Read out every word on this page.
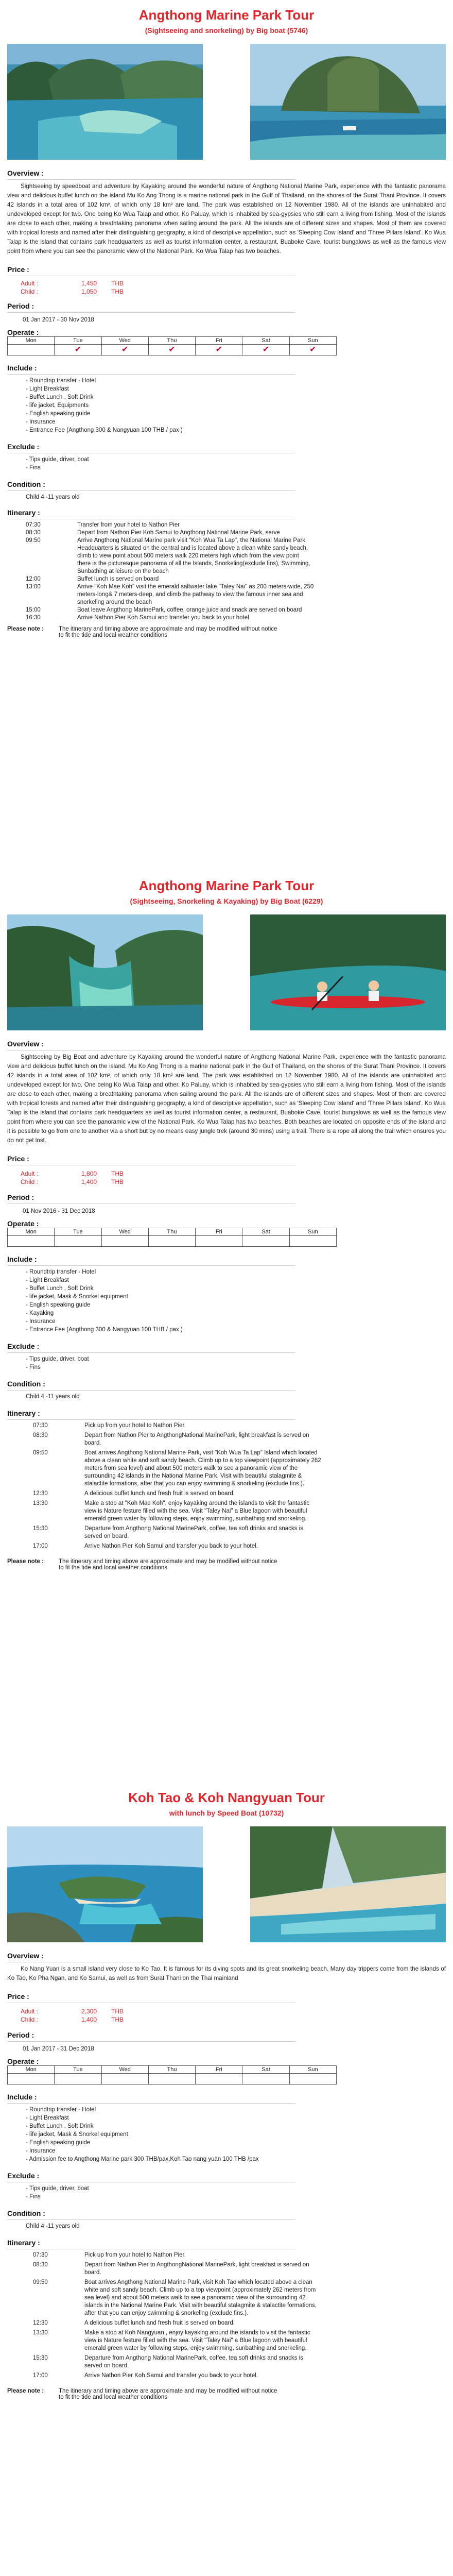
Angthong Marine Park Tour
(Sightseeing and snorkeling) by Big boat (5746)
Overview :

Sightseeing by speedboat and adventure by Kayaking around the wonderful nature of Angthong National Marine Park, experience with the fantastic panorama view and delicious buffet lunch on the island Mu Ko Ang Thong is a marine national park in the Gulf of Thailand, on the shores of the Surat Thani Province. It covers 42 islands in a total area of 102 km², of which only 18 km² are land. The park was established on 12 November 1980. All of the islands are uninhabited and undeveloped except for two. One being Ko Wua Talap and other, Ko Paluay, which is inhabited by sea-gypsies who still earn a living from fishing. Most of the islands are close to each other, making a breathtaking panorama when sailing around the park. All the islands are of different sizes and shapes. Most of them are covered with tropical forests and named after their distinguishing geography, a kind of descriptive appellation, such as 'Sleeping Cow Island' and 'Three Pillars Island'. Ko Wua Talap is the island that contains park headquarters as well as tourist information center, a restaurant, Buaboke Cave, tourist bungalows as well as the famous view point from where you can see the panoramic view of the National Park. Ko Wua Talap has two beaches.

Price :
Adult :	1,450 THB
Child :	1,050 THB
Period :
01 Jan 2017 - 30 Nov 2018
Operate :
Mon	Tue	Wed	Thu	Fri	Sat	Sun
	✔	✔	✔	✔	✔	✔
Include :
- Roundtrip transfer - Hotel
- Light Breakfast
- Buffet Lunch , Soft Drink
- life jacket, Equipments
- English speaking guide
- Insurance
- Entrance Fee (Angthong 300 & Nangyuan 100 THB / pax )
Exclude :
- Tips guide, driver, boat
- Fins
Condition :
Child 4 -11 years old
Itinerary :
07:30	Transfer from your hotel to Nathon Pier
08:30	Depart from Nathon Pier Koh Samui to Angthong National Marine Park, serve
09:50	Arrive Angthong National Marine park visit "Koh Wua Ta Lap", the National Marine Park Headquarters is situated on the central and is located above a clean white sandy beach, climb to view point about 500 meters walk 220 meters high which from the view point there is the picturesque panorama of all the Islands, Snorkeling(exclude fins), Swimming, Sunbathing at leisure on the beach
12:00	Buffet lunch is served on board
13:00	Arrive "Koh Mae Koh" visit the emerald saltwater lake "Taley Nai" as 200 meters-wide, 250 meters-long& 7 meters-deep, and climb the pathway to view the famous inner sea and snorkeling around the beach
15:00	Boat leave Angthong MarinePark, coffee, orange juice and snack are served on board
16:30	Arrive Nathon Pier Koh Samui and transfer you back to your hotel
Please note :	The itinerary and timing above are approximate and may be modified without notice to fit the tide and local weather conditions
Angthong Marine Park Tour
(Sightseeing, Snorkeling & Kayaking) by Big Boat (6229)
Overview :

Sightseeing by Big Boat and adventure by Kayaking around the wonderful nature of Angthong National Marine Park, experience with the fantastic panorama view and delicious buffet lunch on the island. Mu Ko Ang Thong is a marine national park in the Gulf of Thailand, on the shores of the Surat Thani Province. It covers 42 islands in a total area of 102 km², of which only 18 km² are land. The park was established on 12 November 1980. All of the islands are uninhabited and undeveloped except for two. One being Ko Wua Talap and other, Ko Paluay, which is inhabited by sea-gypsies who still earn a living from fishing. Most of the islands are close to each other, making a breathtaking panorama when sailing around the park. All the islands are of different sizes and shapes. Most of them are covered with tropical forests and named after their distinguishing geography, a kind of descriptive appellation, such as 'Sleeping Cow Island' and 'Three Pillars Island'. Ko Wua Talap is the island that contains park headquarters as well as tourist information center, a restaurant, Buaboke Cave, tourist bungalows as well as the famous view point from where you can see the panoramic view of the National Park. Ko Wua Talap has two beaches. Both beaches are located on opposite ends of the island and it is possible to go from one to another via a short but by no means easy jungle trek (around 30 mins) using a trail. There is a rope all along the trail which ensures you do not get lost.

Price :
Adult :	1,800 THB
Child :	1,400 THB
Period :
01 Nov 2016 - 31 Dec 2018
Operate :
Mon	Tue	Wed	Thu	Fri	Sat	Sun

Include :
- Roundtrip transfer - Hotel
- Light Breakfast
- Buffet Lunch , Soft Drink
- life jacket, Mask & Snorkel equipment
- English speaking guide
- Kayaking
- Insurance
- Entrance Fee (Angthong 300 & Nangyuan 100 THB / pax )
Exclude :
- Tips guide, driver, boat
- Fins
Condition :
Child 4 -11 years old
Itinerary :
07:30	Pick up from your hotel to Nathon Pier.
08:30	Depart from Nathon Pier to AngthongNational MarinePark, light breakfast is served on board.
09:50	Boat arrives Angthong National Marine Park, visit "Koh Wua Ta Lap" Island which located above a clean white and soft sandy beach. Climb up to a top viewpoint (approximately 262 meters from sea level) and about 500 meters walk to see a panoramic view of the surrounding 42 islands in the National Marine Park. Visit with beautiful stalagmite & stalactite formations, after that you can enjoy swimming & snorkeling (exclude fins.).
12:30	A delicious buffet lunch and fresh fruit is served on board.
13:30	Make a stop at "Koh Mae Koh", enjoy kayaking around the islands to visit the fantastic view is Nature festure filled with the sea. Visit "Taley Nai" a Blue lagoon with beautiful emerald green water by following steps, enjoy swimming, sunbathing and snorkeling.
15:30	Departure from Angthong National MarinePark, coffee, tea soft drinks and snacks is served on board.
17:00	Arrive Nathon Pier Koh Samui and transfer you back to your hotel.
Please note :	The itinerary and timing above are approximate and may be modified without notice to fit the tide and local weather conditions
Koh Tao & Koh Nangyuan Tour
with lunch by Speed Boat (10732)
Overview :

Ko Nang Yuan is a small island very close to Ko Tao. It is famous for its diving spots and its great snorkeling beach. Many day trippers come from the islands of Ko Tao, Ko Pha Ngan, and Ko Samui, as well as from Surat Thani on the Thai mainland

Price :
Adult :	2,300 THB
Child :	1,400 THB
Period :
01 Jan 2017 - 31 Dec 2018
Operate :
Mon	Tue	Wed	Thu	Fri	Sat	Sun

Include :
- Roundtrip transfer - Hotel
- Light Breakfast
- Buffet Lunch , Soft Drink
- life jacket, Mask & Snorkel equipment
- English speaking guide
- Insurance
- Admission fee to Angthong Marine park 300 THB/pax,Koh Tao nang yuan 100 THB /pax
Exclude :
- Tips guide, driver, boat
- Fins
Condition :
Child 4 -11 years old
Itinerary :
07:30	Pick up from your hotel to Nathon Pier.
08:30	Depart from Nathon Pier to AngthongNational MarinePark, light breakfast is served on board.
09:50	Boat arrives Angthong National Marine Park, visit Koh Tao which located above a clean white and soft sandy beach. Climb up to a top viewpoint (approximately 262 meters from sea level) and about 500 meters walk to see a panoramic view of the surrounding 42 islands in the National Marine Park. Visit with beautiful stalagmite & stalactite formations, after that you can enjoy swimming & snorkeling (exclude fins.).
12:30	A delicious buffet lunch and fresh fruit is served on board.
13:30	Make a stop at Koh Nangyuan , enjoy kayaking around the islands to visit the fantastic view is Nature festure filled with the sea. Visit "Taley Nai" a Blue lagoon with beautiful emerald green water by following steps, enjoy swimming, sunbathing and snorkeling.
15:30	Departure from Angthong National MarinePark, coffee, tea soft drinks and snacks is served on board.
17:00	Arrive Nathon Pier Koh Samui and transfer you back to your hotel.
Please note :	The itinerary and timing above are approximate and may be modified without notice to fit the tide and local weather conditions
